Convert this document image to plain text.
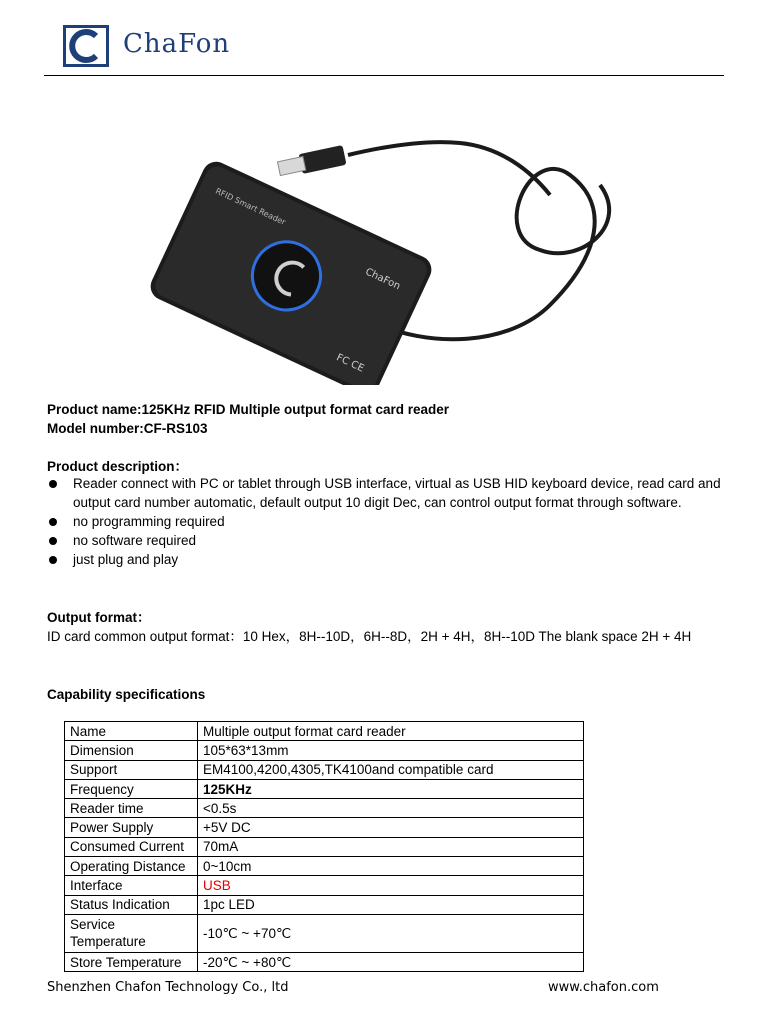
ChaFon
ChaFon
RFID Smart Reader
FC CE
Product name:125KHz RFID Multiple output format card reader
Model number:CF-RS103
Product description：
Reader connect with PC or tablet through USB interface, virtual as USB HID keyboard device, read card and
output card number automatic, default output 10 digit Dec, can control output format through software.
no programming required
no software required
just plug and play
Output format：
ID card common output format：10 Hex，8H--10D，6H--8D，2H + 4H，8H--10D The blank space 2H + 4H
Capability specifications
Name	Multiple output format card reader
Dimension	105*63*13mm
Support	EM4100,4200,4305,TK4100and compatible card
Frequency	125KHz
Reader time	<0.5s
Power Supply	+5V DC
Consumed Current	70mA
Operating Distance	0~10cm
Interface	USB
Status Indication	1pc LED

Service
Temperature	-10℃ ~ +70℃
Store Temperature	-20℃ ~ +80℃
Shenzhen Chafon Technology Co., ltd	www.chafon.com
